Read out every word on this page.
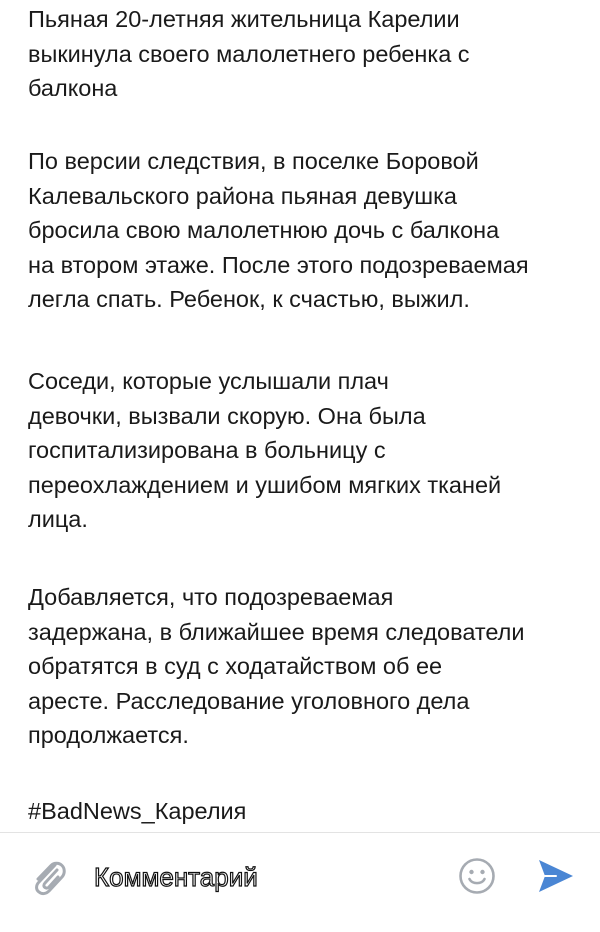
Пьяная 20-летняя жительница Карелии
выкинула своего малолетнего ребенка с
балкона

По версии следствия, в поселке Боровой
Калевальского района пьяная девушка
бросила свою малолетнюю дочь с балкона
на втором этаже. После этого подозреваемая
легла спать. Ребенок, к счастью, выжил.

Соседи, которые услышали плач
девочки, вызвали скорую. Она была
госпитализирована в больницу с
переохлаждением и ушибом мягких тканей
лица.

Добавляется, что подозреваемая
задержана, в ближайшее время следователи
обратятся в суд с ходатайством об ее
аресте. Расследование уголовного дела
продолжается.

#BadNews_Карелия

Комментарий
